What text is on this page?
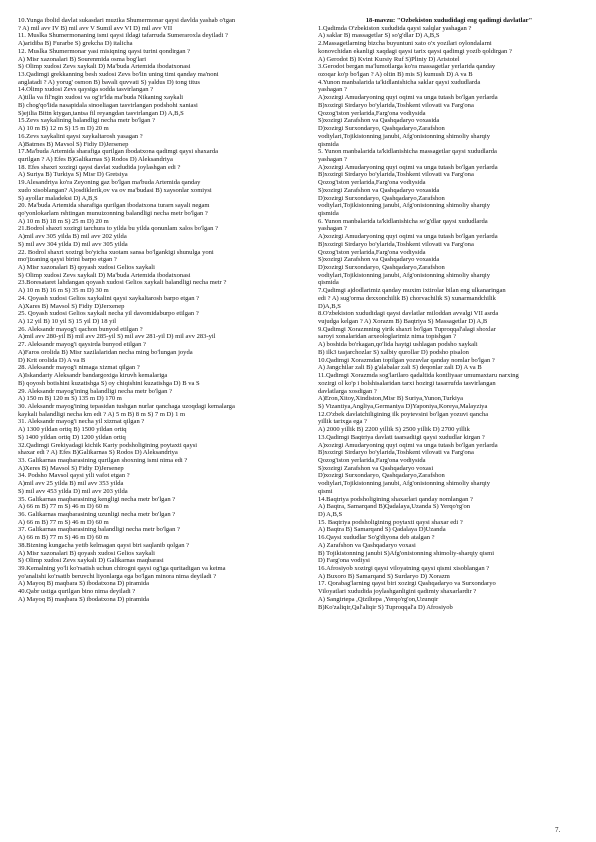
10.Yunga ibolid davlat sukasdari muzika Shumermonar qaysi davlda yashab o'tgan
? A) mil avv IV B) mil avv V Sumil avv VI D) mil avv VII
11. Muslka Shumermonaning ismi qaysi ildagi tafarruda Sumeraroxla deyiladi ?
A)aridiba B) Furarbe S) grekcha D) italicha
12. Muslka Shumermonar yasi misiqning qaysi turini qondirgan ?
A) Misr xazonalari B) Sourenmida osma bog'lari
S) Olimp xudosi Zevs xaykali D) Ma'buda Artemida ibodatxonasi
13.Qadimgi grekkanning besh xudosi Zevs bo'lin uning timi qanday ma'noni
anglatadi ? A) yorug' osmon B) bavali quvvati S) yaldus D) tong titus
14.Olimp xudosi Zevs qaysiga sodda tasvirlangan ?
A)tilla va fil'ngin xudosi va og'ir'lda ma'buda Nikaning xaykali
B) chog'qo'lida nasapidala sinoeliagan tasvirlangan podshohi xaniasi
S)ejilia Bittn ktygan,tantsa fil reyangdan tasvirlangan D) A,B,S
15.Zevs xaykalining balandligi necha metr bo'lgan ?
A) 10 m B) 12 m S) 15 m D) 20 m
16.Zevs xaykalini qaysi xaykaltarosh yasagan ?
A)Batrnes B) Mavsol S) Fidiy D)Jersenep
17.Ma'buda Artemida sharafiga qurilgan ibodatxona qadimgi qaysi shaxarda
qurilgan ? A) Efes B)Galikarnas S) Rodos D) Aleksandriya
18. Efes shaxri xozirgi qaysi davlat xududida joylashgan edi ?
A) Suriya B) Turkiya S) Misr D) Gretsiya
19.Alesandriya ko'ra Zeyoning gaz bo'lgan ma'buda Artemida qanday
xudo xisoblangan? A)osdiklerik,ov va ov ma'budasi B) xaysonlar xomiysi
S) ayollar maladeksi D) A,B,S
20. Ma'buda Artemida sharafiga qurilgan ibodatxona turarn sayali negam
qo'yonlokarlam rshtingan munuizonning balandligi necha metr bo'lgan ?
A) 10 m B) 18 m S) 25 m D) 20 m
21.Bodrol shaxri xozirgi tarchura to yilda bu yilda qonunlam xalos bo'lgan ?
A)mil avv 305 yilda B) mil avv 202 yilda
S) mil avv 304 yilda D) mil avv 305 yilda
22. Bodrol shaxri xozirgi bo'yicha xuotam sansa bo'lgankigi shunulga yoni
mo'jizaning qaysi birini barpo etgan ?
A) Misr xazonalari B) qoyash xudosi Gelios xaykali
S) Olimp xudosi Zevs xaykali D) Ma'buda Artemida ibodatxonasi
23.Boresataret lahdangan qoyash xudosi Gelios xaykali balandligi necha metr ?
A) 10 m B) 16 m S) 35 m D) 30 m
24. Qoyash xudosi Gelios xaykalini qaysi xaykaltarosh barpo etgan ?
A)Xares B) Mavsol S) Fidiy D)Jerxenep
25. Qoyash xudosi Gelios xaykali necha yil davomidaburpo etilgan ?
A) 12 yil B) 10 yil S) 15 yil D) 18 yil
26. Aleksandr mayog'i qachon bunyod etilgan ?
A)mil avv 280-yil B) mil avv 285-yil S) mil avv 281-yil D) mil avv 283-yil
27. Aleksandr mayog'i qaysirda bunyod etilgan ?
A)Faros orolida B) Misr xazilalaridan necha ming bo'lungan joyda
D) Krit orolida D) A va B
28. Aleksandr mayog'i nimaga xizmat qilgan ?
A)Iskandariy Aleksandr bandargoxiga kiruvh kemalariga
B) qoyosh botishini kuzatishga S) oy chiqishini kuzatishga D) B va S
29. Aleksandr mayog'ining balandligi necha metr bo'lgan ?
A) 150 m B) 120 m S) 135 m D) 170 m
30. Aleksandr mayog'ining tepasidan tushgan nurlar qanchaga uzoqdagi kemalarga
kaykali balandligi necha km edi ? A) 5 m B) 8 m S) 7 m D) 1 m
31. Aleksandr mayog'i necha yil xizmat qilgan ?
A) 1300 yildan ortiq B) 1500 yildan ortiq
S) 1400 yildan ortiq D) 1200 yildan ortiq
32.Qadimgi Grekiyadagi kichik Kariy podsholigining poytaxti qaysi
shaxar edi ? A) Efes B)Galikarnas S) Rodos D) Aleksandriya
33. Galikarnas maqbarasining qurilgan shoxning ismi nima edi ?
A)Xeres B) Mavsol S) Fidiy D)Jersenep
34. Podsho Mavsol qaysi yili vafot etgan ?
A)mil avv 25 yilda B) mil avv 353 yilda
S) mil avv 453 yilda D) mil avv 203 yilda
35. Galikarnas maqbarasining kengligi necha metr bo'lgan ?
A) 66 m B) 77 m S) 46 m D) 60 m
36. Galikarnas maqbarasining uzunligi necha metr bo'lgan ?
A) 66 m B) 77 m S) 46 m D) 60 m
37. Galikarnas maqbarasining balandligi necha metr bo'lgan ?
A) 66 m B) 77 m S) 46 m D) 60 m
38.Bizning kungacha yetib kelmagan qaysi biri saqlanib qolgan ?
A) Misr xazonalari B) qoyash xudosi Gelios xaykali
S) Olimp xudosi Zevs xaykali D) Galikarnas maqbarasi
39.Kemalning yo'li ko'rsatish uchun chirogni qaysi og'iga quritadigan va keima
yo'analishi ko'rsatib beruvchi liyonlarga ega bo'lgan minora nima deyiladi ?
A) Mayoq B) maqbara S) ibodatxona D) piramida
40.Qabr ustiga qurilgan bino nima deyiladi ?
A) Mayoq B) maqbara S) ibodatxona D) piramida
18-mavzu: "Ozbekiston xududidagi eng qadimgi davlatlar"
1.Qadimda O'zbekiston xududida qaysi xalqlar yashagan ?
A) saklar B) massagetlar S) so'g'dlar D) A,B,S
2.Massagetlarning bizcha buyuntuni xato o'x yozilari oylondalarni
konovchidan ekanligi xaqdagi qaysi tarix qaysi qadimgi yozib qoldirgan ?
A) Gerodot B) Kvint Kursiy Ruf S)Pliniy D) Aristotel
3.Gerodot bergan ma'lumotlarga ko'ra massagetlar yerlarida qanday
ozoqar ko'p bo'lgan ? A) oltin B) mis S) kumush D) A va B
4.Yunon manbalarida ta'kidlanishicha saklar qaysi xududlarda
yashagan ?
A)xozirgi Amudaryoning quyi oqimi va unga tutash bo'lgan yerlarda
B)xozirgi Sirdaryo bo'ylarida,Toshkent vilovati va Farg'ona
Qozog'iston yerlarida,Farg'ona vodiysida
S)xozirgi Zarafshon va Qashqadaryo voxasida
D)xozirgi Surxondaryo, Qashqadaryo,Zarafshon
vodiylari,Tojikistonning janubi, Afg'onistonning shimoliy sharqiy
qismida
5. Yunon manbalarida ta'kidlanishicha massagetlar qaysi xududlarda
yashagan ?
A)xozirgi Amudaryoning quyi oqimi va unga tutash bo'lgan yerlarda
B)xozirgi Sirdaryo bo'ylarida,Toshkent vilovati va Farg'ona
Qozog'iston yerlarida,Farg'ona vodiysida
S)xozirgi Zarafshon va Qashqadaryo voxasida
D)xozirgi Surxondaryo, Qashqadaryo,Zarafshon
vodiylari,Tojikistonning janubi, Afg'onistonning shimoliy sharqiy
qismida
6. Yunon manbalarida ta'kidlanishicha so'g'dlar qaysi xududlarda
yashagan ?
A)xozirgi Amudaryoning quyi oqimi va unga tutash bo'lgan yerlarda
B)xozirgi Sirdaryo bo'ylarida,Toshkent vilovati va Farg'ona
Qozog'iston yerlarida,Farg'ona vodiysida
S)xozirgi Zarafshon va Qashqadaryo voxasida
D)xozirgi Surxondaryo, Qashqadaryo,Zarafshon
vodiylari,Tojikistonning janubi, Afg'onistonning shimoliy sharqiy
qismida
7.Qadimgi ajdodlarimiz qanday muxim ixtirolar bilan eng ulkanaringan
edi ? A) sug'orma dexxonchilik B) chorvachilik S) xunarmandchilik
D)A,B,S
8.O'zbekiston xududidagi qaysi davlatlar miloddan avvalgi VII asrda
vujudga kelgan ? A) Xorazm B) Baqtriya S) Massagetlar D) A,B
9.Qadimgi Xorazmning yirik shaxri bo'lgan Tuproqqal'alagi shoxlar
saroyi xonalaridan arxeologlarimiz nima topishgan ?
A) boshida bo'rkagan,qo'lida haytgi ushlagan podsho xaykali
B) ilk3 tasjarchozlar S) xalbiy qurollar D) podsho pisalon
10.Qadimgi Xorazmdan topilgan yozuvlar qanday nomlar bo'lgan ?
A) Jangchilar zali B) g'alabalar zali S) deqonlar zali D) A va B
11.Qadimgi Xorazmda sog'larilaro qadaltida kontliyaar umumaxtaru narxing
xozirgi ol ko'p i bolshisalaridan tarxi hozirgi tasarrufda tasvirlangan
davlatlarga xosdigan ?
A)Eron,Xitoy,Xindiston,Misr B) Suriya,Yunon,Turkiya
S) Vizantiya,Angliya,Germaniya D)Yaponiya,Koreya,Malayziya
12.O'zbek davlatchiligining ilk poytevsini bo'lgan yozuvi qancha
yillik tarixga ega ?
A) 2000 yillik B) 2200 yillik S) 2500 yillik D) 2700 yillik
13.Qadimgi Baqtriya davlati taarsadiigi qaysi xududlar kirgan ?
A)xozirgi Amudaryoning quyi oqimi va unga tutash bo'lgan yerlarda
B)xozirgi Sirdaryo bo'ylarida,Toshkent vilovati va Farg'ona
Qozog'iston yerlarida,Farg'ona vodiysida
S)xozirgi Zarafshon va Qashqadaryo voxasi
D)xozirgi Surxondaryo, Qashqadaryo,Zarafshon
vodiylari,Tojikistonning janubi, Afg'onistonning shimoliy sharqiy
qismi
14.Baqtriya podsholigining shaxarlari qanday nomlangan ?
A) Baqtra, Samarqand B)Qadalaya,Uzanda S) Yerqo'rg'on
D) A,B,S
15. Baqtriya podsholigining poytaxti qaysi shaxar edi ?
A) Baqtra B) Samarqand S) Qadalaya D)Uzanda
16.Qaysi xududlar So'g'diyona deb atalgan ?
A) Zarafshon va Qashqadaryo voxasi
B) Tojikistonning janubi S)Afg'onistonning shimoliy-sharqiy qismi
D) Farg'ona vodiysi
16.Afrosiyob xozirgi qaysi viloyatning qaysi qismi xisoblangan ?
A) Buxoro B) Samarqand S) Surdaryo D) Xorazm
17. Qorabag'larning qaysi biri xozirgi Qashqadaryo va Surxondaryo
Viloyatlari xududida joylashganligini qadimiy shaxarlardir ?
A) Sangirtepa ,Qiziltepa ,Yerqo'rg'on,Uzunqir
B)Ko'zaliqir,Qal'aliqir S) Tuproqqal'a D) Afrosiyob
7.
